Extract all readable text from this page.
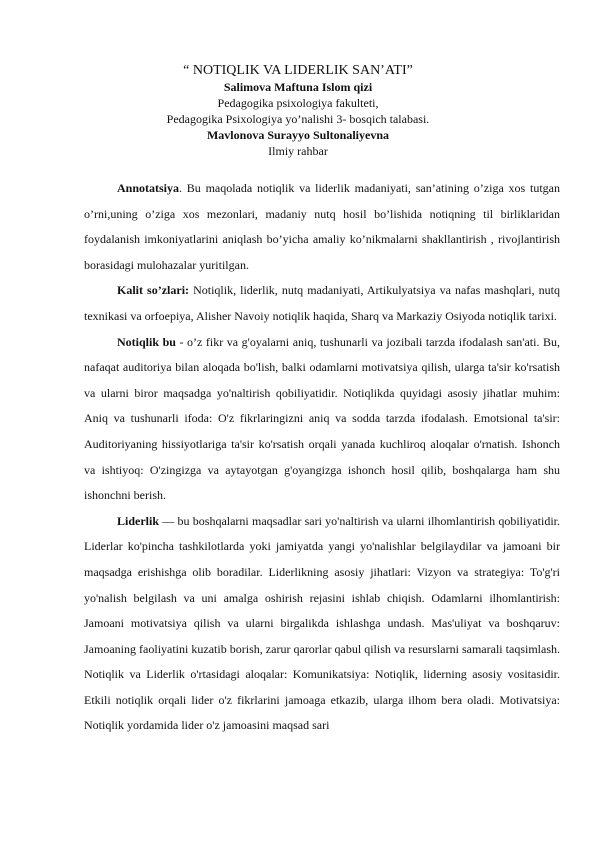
“ NOTIQLIK VA LIDERLIK SAN’ATI”
Salimova Maftuna Islom qizi
Pedagogika psixologiya fakulteti,
Pedagogika Psixologiya yo’nalishi 3- bosqich talabasi.
Mavlonova Surayyo Sultonaliyevna
Ilmiy rahbar

Annotatsiya. Bu maqolada notiqlik va liderlik madaniyati, san’atining o’ziga xos tutgan o’rni,uning o’ziga xos mezonlari, madaniy nutq hosil bo’lishida notiqning til birliklaridan foydalanish imkoniyatlarini aniqlash bo’yicha amaliy ko’nikmalarni shakllantirish , rivojlantirish borasidagi mulohazalar yuritilgan.

Kalit so’zlari: Notiqlik, liderlik, nutq madaniyati, Artikulyatsiya va nafas mashqlari, nutq texnikasi va orfoepiya, Alisher Navoiy notiqlik haqida, Sharq va Markaziy Osiyoda notiqlik tarixi.

Notiqlik bu - o’z fikr va g'oyalarni aniq, tushunarli va jozibali tarzda ifodalash san'ati. Bu, nafaqat auditoriya bilan aloqada bo'lish, balki odamlarni motivatsiya qilish, ularga ta'sir ko'rsatish va ularni biror maqsadga yo'naltirish qobiliyatidir. Notiqlikda quyidagi asosiy jihatlar muhim: Aniq va tushunarli ifoda: O'z fikrlaringizni aniq va sodda tarzda ifodalash. Emotsional ta'sir: Auditoriyaning hissiyotlariga ta'sir ko'rsatish orqali yanada kuchliroq aloqalar o'rnatish. Ishonch va ishtiyoq: O'zingizga va aytayotgan g'oyangizga ishonch hosil qilib, boshqalarga ham shu ishonchni berish.

Liderlik — bu boshqalarni maqsadlar sari yo'naltirish va ularni ilhomlantirish qobiliyatidir. Liderlar ko'pincha tashkilotlarda yoki jamiyatda yangi yo'nalishlar belgilaydilar va jamoani bir maqsadga erishishga olib boradilar. Liderlikning asosiy jihatlari: Vizyon va strategiya: To'g'ri yo'nalish belgilash va uni amalga oshirish rejasini ishlab chiqish. Odamlarni ilhomlantirish: Jamoani motivatsiya qilish va ularni birgalikda ishlashga undash. Mas'uliyat va boshqaruv: Jamoaning faoliyatini kuzatib borish, zarur qarorlar qabul qilish va resurslarni samarali taqsimlash. Notiqlik va Liderlik o'rtasidagi aloqalar: Komunikatsiya: Notiqlik, liderning asosiy vositasidir. Etkili notiqlik orqali lider o'z fikrlarini jamoaga etkazib, ularga ilhom bera oladi. Motivatsiya: Notiqlik yordamida lider o'z jamoasini maqsad sari
